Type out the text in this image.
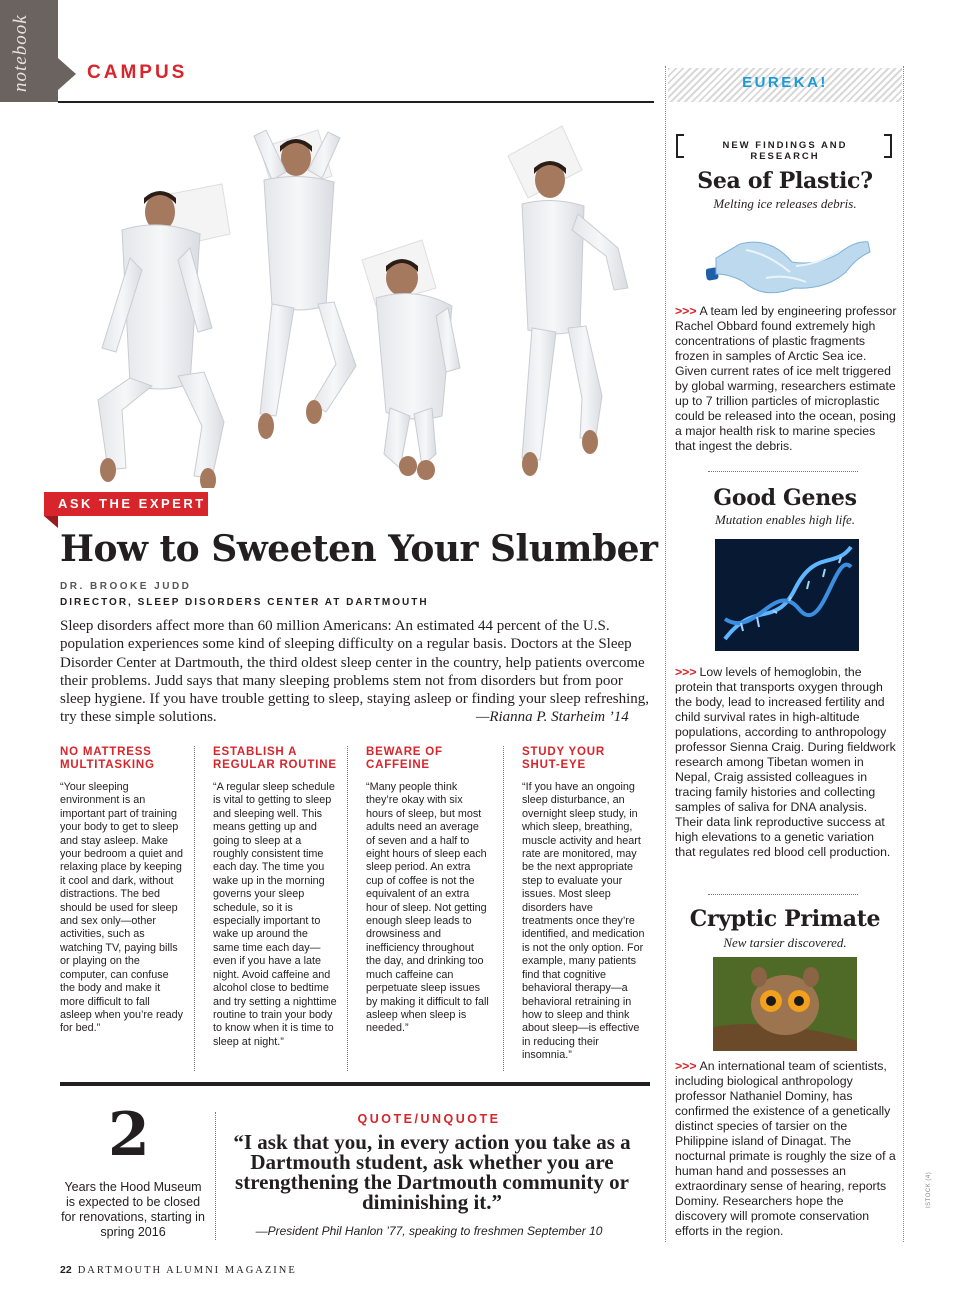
notebook	CAMPUS
ASK THE EXPERT
How to Sweeten Your Slumber
DR. BROOKE JUDD
DIRECTOR, SLEEP DISORDERS CENTER AT DARTMOUTH
Sleep disorders affect more than 60 million Americans: An estimated 44 percent of the U.S. population experiences some kind of sleeping difficulty on a regular basis. Doctors at the Sleep Disorder Center at Dartmouth, the third oldest sleep center in the country, help patients overcome their problems. Judd says that many sleeping problems stem not from disorders but from poor sleep hygiene. If you have trouble getting to sleep, staying asleep or finding your sleep refreshing, try these simple solutions.	—Rianna P. Starheim ’14
NO MATTRESS MULTITASKING
“Your sleeping environment is an important part of training your body to get to sleep and stay asleep. Make your bedroom a quiet and relaxing place by keeping it cool and dark, without distractions. The bed should be used for sleep and sex only—other activities, such as watching TV, paying bills or playing on the computer, can confuse the body and make it more difficult to fall asleep when you’re ready for bed.”
ESTABLISH A REGULAR ROUTINE
“A regular sleep schedule is vital to getting to sleep and sleeping well. This means getting up and going to sleep at a roughly consistent time each day. The time you wake up in the morning governs your sleep schedule, so it is especially important to wake up around the same time each day—even if you have a late night. Avoid caffeine and alcohol close to bedtime and try setting a nighttime routine to train your body to know when it is time to sleep at night.”
BEWARE OF CAFFEINE
“Many people think they’re okay with six hours of sleep, but most adults need an average of seven and a half to eight hours of sleep each sleep period. An extra cup of coffee is not the equivalent of an extra hour of sleep. Not getting enough sleep leads to drowsiness and inefficiency throughout the day, and drinking too much caffeine can perpetuate sleep issues by making it difficult to fall asleep when sleep is needed.”
STUDY YOUR SHUT-EYE
“If you have an ongoing sleep disturbance, an overnight sleep study, in which sleep, breathing, muscle activity and heart rate are monitored, may be the next appropriate step to evaluate your issues. Most sleep disorders have treatments once they’re identified, and medication is not the only option. For example, many patients find that cognitive behavioral therapy—a behavioral retraining in how to sleep and think about sleep—is effective in reducing their insomnia.”
2
Years the Hood Museum is expected to be closed for renovations, starting in spring 2016
QUOTE/UNQUOTE
“I ask that you, in every action you take as a Dartmouth student, ask whether you are strengthening the Dartmouth community or diminishing it.”
—President Phil Hanlon ’77, speaking to freshmen September 10
22 DARTMOUTH ALUMNI MAGAZINE
EUREKA!
NEW FINDINGS AND RESEARCH
Sea of Plastic?
Melting ice releases debris.
>>> A team led by engineering professor Rachel Obbard found extremely high concentrations of plastic fragments frozen in samples of Arctic Sea ice. Given current rates of ice melt triggered by global warming, researchers estimate up to 7 trillion particles of microplastic could be released into the ocean, posing a major health risk to marine species that ingest the debris.
Good Genes
Mutation enables high life.
>>> Low levels of hemoglobin, the protein that transports oxygen through the body, lead to increased fertility and child survival rates in high-altitude populations, according to anthropology professor Sienna Craig. During fieldwork research among Tibetan women in Nepal, Craig assisted colleagues in tracing family histories and collecting samples of saliva for DNA analysis. Their data link reproductive success at high elevations to a genetic variation that regulates red blood cell production.
Cryptic Primate
New tarsier discovered.
>>> An international team of scientists, including biological anthropology professor Nathaniel Dominy, has confirmed the existence of a genetically distinct species of tarsier on the Philippine island of Dinagat. The nocturnal primate is roughly the size of a human hand and possesses an extraordinary sense of hearing, reports Dominy. Researchers hope the discovery will promote conservation efforts in the region.
ISTOCK (4)
